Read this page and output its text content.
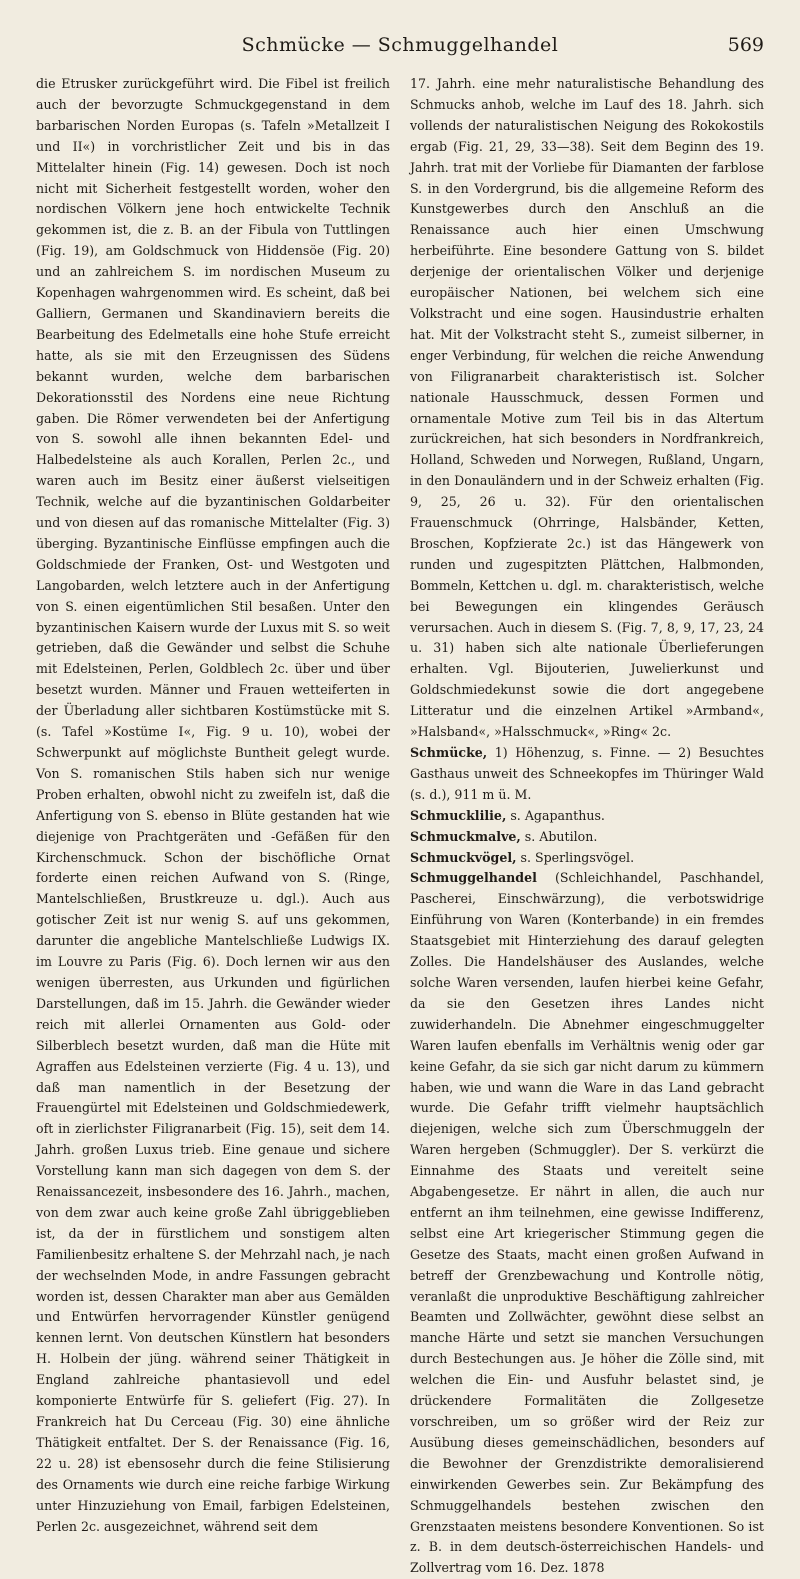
Schmücke — Schmuggelhandel	569

die Etrusker zurückgeführt wird. Die Fibel ist freilich auch der bevorzugte Schmuckgegenstand in dem barbarischen Norden Europas (s. Tafeln »Metallzeit I und II«) in vorchristlicher Zeit und bis in das Mittelalter hinein (Fig. 14) gewesen. Doch ist noch nicht mit Sicherheit festgestellt worden, woher den nordischen Völkern jene hoch entwickelte Technik gekommen ist, die z. B. an der Fibula von Tuttlingen (Fig. 19), am Goldschmuck von Hiddensöe (Fig. 20) und an zahlreichem S. im nordischen Museum zu Kopenhagen wahrgenommen wird. Es scheint, daß bei Galliern, Germanen und Skandinaviern bereits die Bearbeitung des Edelmetalls eine hohe Stufe erreicht hatte, als sie mit den Erzeugnissen des Südens bekannt wurden, welche dem barbarischen Dekorationsstil des Nordens eine neue Richtung gaben. Die Römer verwendeten bei der Anfertigung von S. sowohl alle ihnen bekannten Edel- und Halbedelsteine als auch Korallen, Perlen 2c., und waren auch im Besitz einer äußerst vielseitigen Technik, welche auf die byzantinischen Goldarbeiter und von diesen auf das romanische Mittelalter (Fig. 3) überging. Byzantinische Einflüsse empfingen auch die Goldschmiede der Franken, Ost- und Westgoten und Langobarden, welch letztere auch in der Anfertigung von S. einen eigentümlichen Stil besaßen. Unter den byzantinischen Kaisern wurde der Luxus mit S. so weit getrieben, daß die Gewänder und selbst die Schuhe mit Edelsteinen, Perlen, Goldblech 2c. über und über besetzt wurden. Männer und Frauen wetteiferten in der Überladung aller sichtbaren Kostümstücke mit S. (s. Tafel »Kostüme I«, Fig. 9 u. 10), wobei der Schwerpunkt auf möglichste Buntheit gelegt wurde. Von S. romanischen Stils haben sich nur wenige Proben erhalten, obwohl nicht zu zweifeln ist, daß die Anfertigung von S. ebenso in Blüte gestanden hat wie diejenige von Prachtgeräten und -Gefäßen für den Kirchenschmuck. Schon der bischöfliche Ornat forderte einen reichen Aufwand von S. (Ringe, Mantelschließen, Brustkreuze u. dgl.). Auch aus gotischer Zeit ist nur wenig S. auf uns gekommen, darunter die angebliche Mantelschließe Ludwigs IX. im Louvre zu Paris (Fig. 6). Doch lernen wir aus den wenigen überresten, aus Urkunden und figürlichen Darstellungen, daß im 15. Jahrh. die Gewänder wieder reich mit allerlei Ornamenten aus Gold- oder Silberblech besetzt wurden, daß man die Hüte mit Agraffen aus Edelsteinen verzierte (Fig. 4 u. 13), und daß man namentlich in der Besetzung der Frauengürtel mit Edelsteinen und Goldschmiedewerk, oft in zierlichster Filigranarbeit (Fig. 15), seit dem 14. Jahrh. großen Luxus trieb. Eine genaue und sichere Vorstellung kann man sich dagegen von dem S. der Renaissancezeit, insbesondere des 16. Jahrh., machen, von dem zwar auch keine große Zahl übriggeblieben ist, da der in fürstlichem und sonstigem alten Familienbesitz erhaltene S. der Mehrzahl nach, je nach der wechselnden Mode, in andre Fassungen gebracht worden ist, dessen Charakter man aber aus Gemälden und Entwürfen hervorragender Künstler genügend kennen lernt. Von deutschen Künstlern hat besonders H. Holbein der jüng. während seiner Thätigkeit in England zahlreiche phantasievoll und edel komponierte Entwürfe für S. geliefert (Fig. 27). In Frankreich hat Du Cerceau (Fig. 30) eine ähnliche Thätigkeit entfaltet. Der S. der Renaissance (Fig. 16, 22 u. 28) ist ebensosehr durch die feine Stilisierung des Ornaments wie durch eine reiche farbige Wirkung unter Hinzuziehung von Email, farbigen Edelsteinen, Perlen 2c. ausgezeichnet, während seit dem

17. Jahrh. eine mehr naturalistische Behandlung des Schmucks anhob, welche im Lauf des 18. Jahrh. sich vollends der naturalistischen Neigung des Rokokostils ergab (Fig. 21, 29, 33—38). Seit dem Beginn des 19. Jahrh. trat mit der Vorliebe für Diamanten der farblose S. in den Vordergrund, bis die allgemeine Reform des Kunstgewerbes durch den Anschluß an die Renaissance auch hier einen Umschwung herbeiführte. Eine besondere Gattung von S. bildet derjenige der orientalischen Völker und derjenige europäischer Nationen, bei welchem sich eine Volkstracht und eine sogen. Hausindustrie erhalten hat. Mit der Volkstracht steht S., zumeist silberner, in enger Verbindung, für welchen die reiche Anwendung von Filigranarbeit charakteristisch ist. Solcher nationale Hausschmuck, dessen Formen und ornamentale Motive zum Teil bis in das Altertum zurückreichen, hat sich besonders in Nordfrankreich, Holland, Schweden und Norwegen, Rußland, Ungarn, in den Donauländern und in der Schweiz erhalten (Fig. 9, 25, 26 u. 32). Für den orientalischen Frauenschmuck (Ohrringe, Halsbänder, Ketten, Broschen, Kopfzierate 2c.) ist das Hängewerk von runden und zugespitzten Plättchen, Halbmonden, Bommeln, Kettchen u. dgl. m. charakteristisch, welche bei Bewegungen ein klingendes Geräusch verursachen. Auch in diesem S. (Fig. 7, 8, 9, 17, 23, 24 u. 31) haben sich alte nationale Überlieferungen erhalten. Vgl. Bijouterien, Juwelierkunst und Goldschmiedekunst sowie die dort angegebene Litteratur und die einzelnen Artikel »Armband«, »Halsband«, »Halsschmuck«, »Ring« 2c.

Schmücke, 1) Höhenzug, s. Finne. — 2) Besuchtes Gasthaus unweit des Schneekopfes im Thüringer Wald (s. d.), 911 m ü. M.

Schmucklilie, s. Agapanthus.

Schmuckmalve, s. Abutilon.

Schmuckvögel, s. Sperlingsvögel.

Schmuggelhandel (Schleichhandel, Paschhandel, Pascherei, Einschwärzung), die verbotswidrige Einführung von Waren (Konterbande) in ein fremdes Staatsgebiet mit Hinterziehung des darauf gelegten Zolles. Die Handelshäuser des Auslandes, welche solche Waren versenden, laufen hierbei keine Gefahr, da sie den Gesetzen ihres Landes nicht zuwiderhandeln. Die Abnehmer eingeschmuggelter Waren laufen ebenfalls im Verhältnis wenig oder gar keine Gefahr, da sie sich gar nicht darum zu kümmern haben, wie und wann die Ware in das Land gebracht wurde. Die Gefahr trifft vielmehr hauptsächlich diejenigen, welche sich zum Überschmuggeln der Waren hergeben (Schmuggler). Der S. verkürzt die Einnahme des Staats und vereitelt seine Abgabengesetze. Er nährt in allen, die auch nur entfernt an ihm teilnehmen, eine gewisse Indifferenz, selbst eine Art kriegerischer Stimmung gegen die Gesetze des Staats, macht einen großen Aufwand in betreff der Grenzbewachung und Kontrolle nötig, veranlaßt die unproduktive Beschäftigung zahlreicher Beamten und Zollwächter, gewöhnt diese selbst an manche Härte und setzt sie manchen Versuchungen durch Bestechungen aus. Je höher die Zölle sind, mit welchen die Ein- und Ausfuhr belastet sind, je drückendere Formalitäten die Zollgesetze vorschreiben, um so größer wird der Reiz zur Ausübung dieses gemeinschädlichen, besonders auf die Bewohner der Grenzdistrikte demoralisierend einwirkenden Gewerbes sein. Zur Bekämpfung des Schmuggelhandels bestehen zwischen den Grenzstaaten meistens besondere Konventionen. So ist z. B. in dem deutsch-österreichischen Handels- und Zollvertrag vom 16. Dez. 1878
